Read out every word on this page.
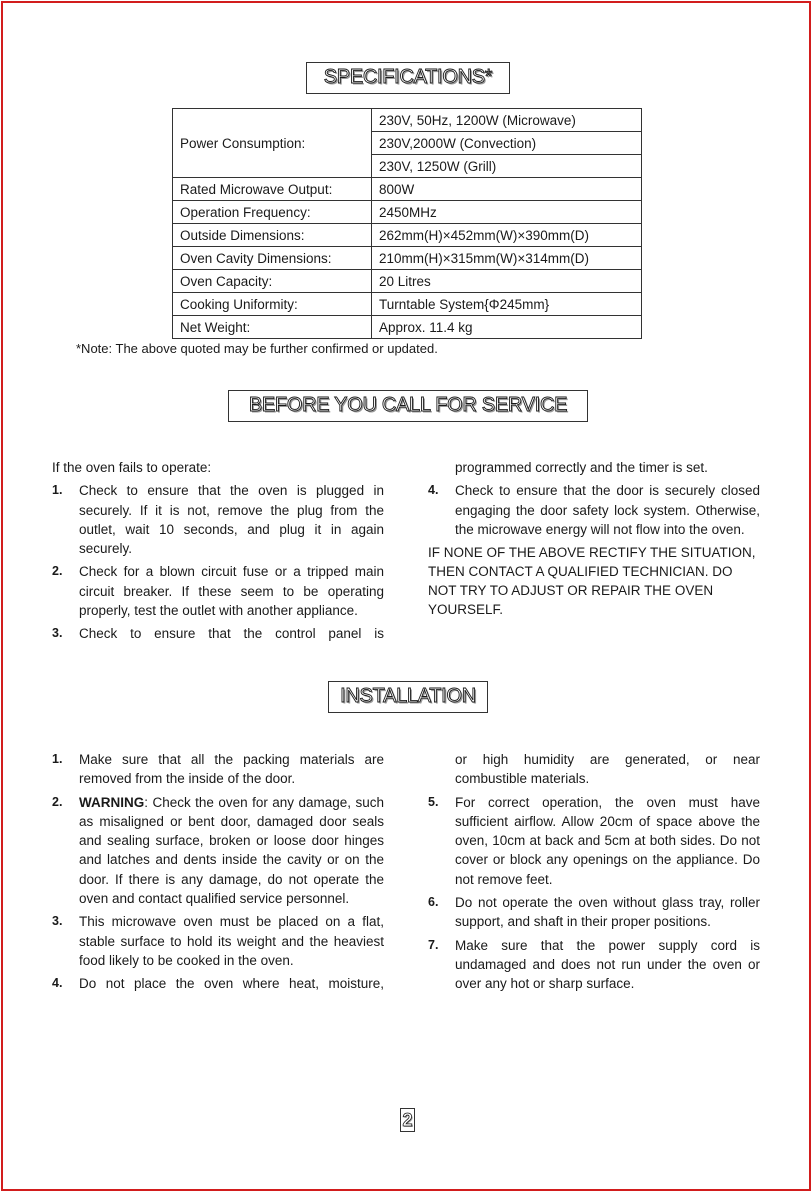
SPECIFICATIONS*
Power Consumption:	230V, 50Hz, 1200W (Microwave)
	230V,2000W (Convection)
	230V, 1250W (Grill)
Rated Microwave Output:	800W
Operation Frequency:	2450MHz
Outside Dimensions:	262mm(H)×452mm(W)×390mm(D)
Oven Cavity Dimensions:	210mm(H)×315mm(W)×314mm(D)
Oven Capacity:	20 Litres
Cooking Uniformity:	Turntable System{Φ245mm}
Net Weight:	Approx. 11.4 kg
*Note: The above quoted may be further confirmed or updated.
BEFORE YOU CALL FOR SERVICE

If the oven fails to operate:

1. Check to ensure that the oven is plugged in securely. If it is not, remove the plug from the outlet, wait 10 seconds, and plug it in again securely.
2. Check for a blown circuit fuse or a tripped main circuit breaker. If these seem to be operating properly, test the outlet with another appliance.
3. Check to ensure that the control panel is
programmed correctly and the timer is set.
4. Check to ensure that the door is securely closed engaging the door safety lock system. Otherwise, the microwave energy will not flow into the oven.

IF NONE OF THE ABOVE RECTIFY THE SITUATION, THEN CONTACT A QUALIFIED TECHNICIAN. DO NOT TRY TO ADJUST OR REPAIR THE OVEN YOURSELF.

INSTALLATION
1. Make sure that all the packing materials are removed from the inside of the door.
2. WARNING: Check the oven for any damage, such as misaligned or bent door, damaged door seals and sealing surface, broken or loose door hinges and latches and dents inside the cavity or on the door. If there is any damage, do not operate the oven and contact qualified service personnel.
3. This microwave oven must be placed on a flat, stable surface to hold its weight and the heaviest food likely to be cooked in the oven.
4. Do not place the oven where heat, moisture,
or high humidity are generated, or near combustible materials.
5. For correct operation, the oven must have sufficient airflow. Allow 20cm of space above the oven, 10cm at back and 5cm at both sides. Do not cover or block any openings on the appliance. Do not remove feet.
6. Do not operate the oven without glass tray, roller support, and shaft in their proper positions.
7. Make sure that the power supply cord is undamaged and does not run under the oven or over any hot or sharp surface.
2
